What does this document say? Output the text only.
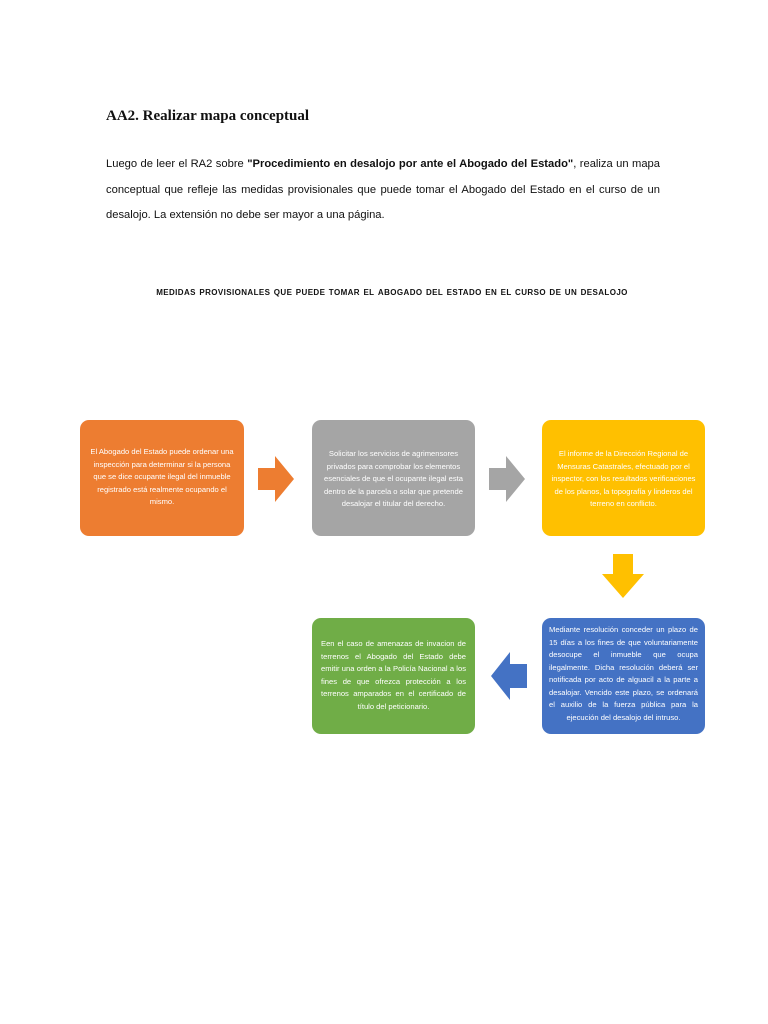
AA2. Realizar mapa conceptual

Luego de leer el RA2 sobre "Procedimiento en desalojo por ante el Abogado del Estado", realiza un mapa conceptual que refleje las medidas provisionales que puede tomar el Abogado del Estado en el curso de un desalojo. La extensión no debe ser mayor a una página.

medidas provisionales que puede tomar el abogado del estado en el curso de un desalojo
El Abogado del Estado puede ordenar una inspección para determinar si la persona que se dice ocupante ilegal del inmueble registrado está realmente ocupando el mismo.
Solicitar los servicios de agrimensores privados para comprobar los elementos esenciales de que el ocupante ilegal esta dentro de la parcela o solar que pretende desalojar el titular del derecho.
El informe de la Dirección Regional de Mensuras Catastrales, efectuado por el inspector, con los resultados verificaciones de los planos, la topografía y linderos del terreno en conflicto.
Mediante resolución conceder un plazo de 15 días a los fines de que voluntariamente desocupe el inmueble que ocupa ilegalmente. Dicha resolución deberá ser notificada por acto de alguacil a la parte a desalojar. Vencido este plazo, se ordenará el auxilio de la fuerza pública para la ejecución del desalojo del intruso.
Een el caso de amenazas de invacion de terrenos el Abogado del Estado debe emitir una orden a la Policía Nacional a los fines de que ofrezca protección a los terrenos amparados en el certificado de título del peticionario.
